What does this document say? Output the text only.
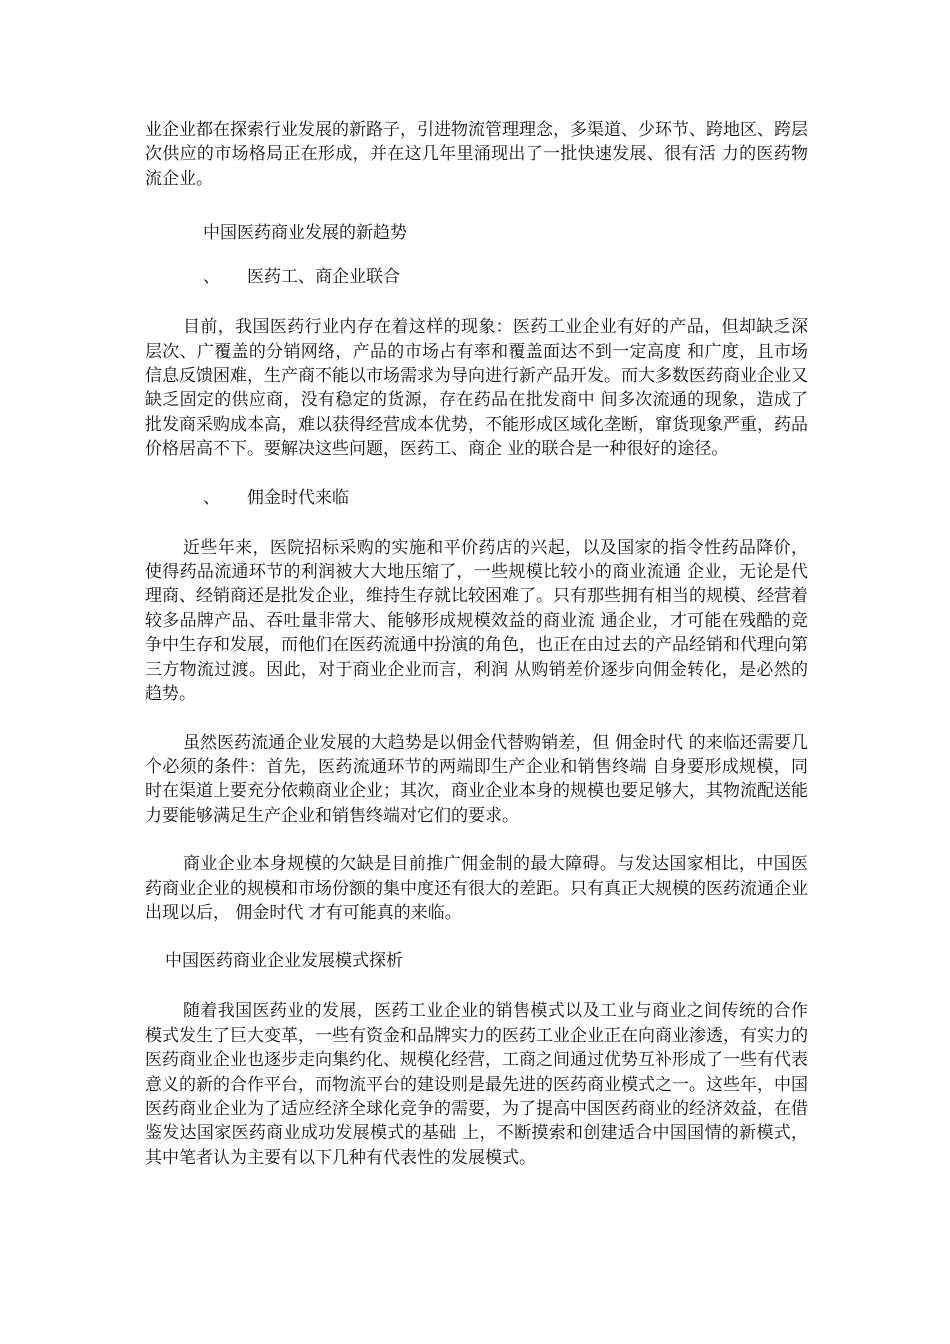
业企业都在探索行业发展的新路子，引进物流管理理念，多渠道、少环节、跨地区、跨层次供应的市场格局正在形成，并在这几年里涌现出了一批快速发展、很有活 力的医药物流企业。

中国医药商业发展的新趋势

、     医药工、商企业联合

目前，我国医药行业内存在着这样的现象：医药工业企业有好的产品，但却缺乏深层次、广覆盖的分销网络，产品的市场占有率和覆盖面达不到一定高度 和广度，且市场信息反馈困难，生产商不能以市场需求为导向进行新产品开发。而大多数医药商业企业又缺乏固定的供应商，没有稳定的货源，存在药品在批发商中 间多次流通的现象，造成了批发商采购成本高，难以获得经营成本优势，不能形成区域化垄断，窜货现象严重，药品价格居高不下。要解决这些问题，医药工、商企 业的联合是一种很好的途径。

、     佣金时代来临

近些年来，医院招标采购的实施和平价药店的兴起，以及国家的指令性药品降价，使得药品流通环节的利润被大大地压缩了，一些规模比较小的商业流通 企业，无论是代理商、经销商还是批发企业，维持生存就比较困难了。只有那些拥有相当的规模、经营着较多品牌产品、吞吐量非常大、能够形成规模效益的商业流 通企业，才可能在残酷的竞争中生存和发展，而他们在医药流通中扮演的角色，也正在由过去的产品经销和代理向第三方物流过渡。因此，对于商业企业而言，利润 从购销差价逐步向佣金转化，是必然的趋势。

虽然医药流通企业发展的大趋势是以佣金代替购销差，但 佣金时代 的来临还需要几个必须的条件：首先，医药流通环节的两端即生产企业和销售终端 自身要形成规模，同时在渠道上要充分依赖商业企业；其次，商业企业本身的规模也要足够大，其物流配送能力要能够满足生产企业和销售终端对它们的要求。

商业企业本身规模的欠缺是目前推广佣金制的最大障碍。与发达国家相比，中国医药商业企业的规模和市场份额的集中度还有很大的差距。只有真正大规模的医药流通企业出现以后， 佣金时代 才有可能真的来临。

中国医药商业企业发展模式探析

随着我国医药业的发展，医药工业企业的销售模式以及工业与商业之间传统的合作模式发生了巨大变革，一些有资金和品牌实力的医药工业企业正在向商业渗透，有实力的医药商业企业也逐步走向集约化、规模化经营，工商之间通过优势互补形成了一些有代表意义的新的合作平台，而物流平台的建设则是最先进的医药商业模式之一。这些年，中国医药商业企业为了适应经济全球化竞争的需要，为了提高中国医药商业的经济效益，在借鉴发达国家医药商业成功发展模式的基础 上，不断摸索和创建适合中国国情的新模式，其中笔者认为主要有以下几种有代表性的发展模式。
